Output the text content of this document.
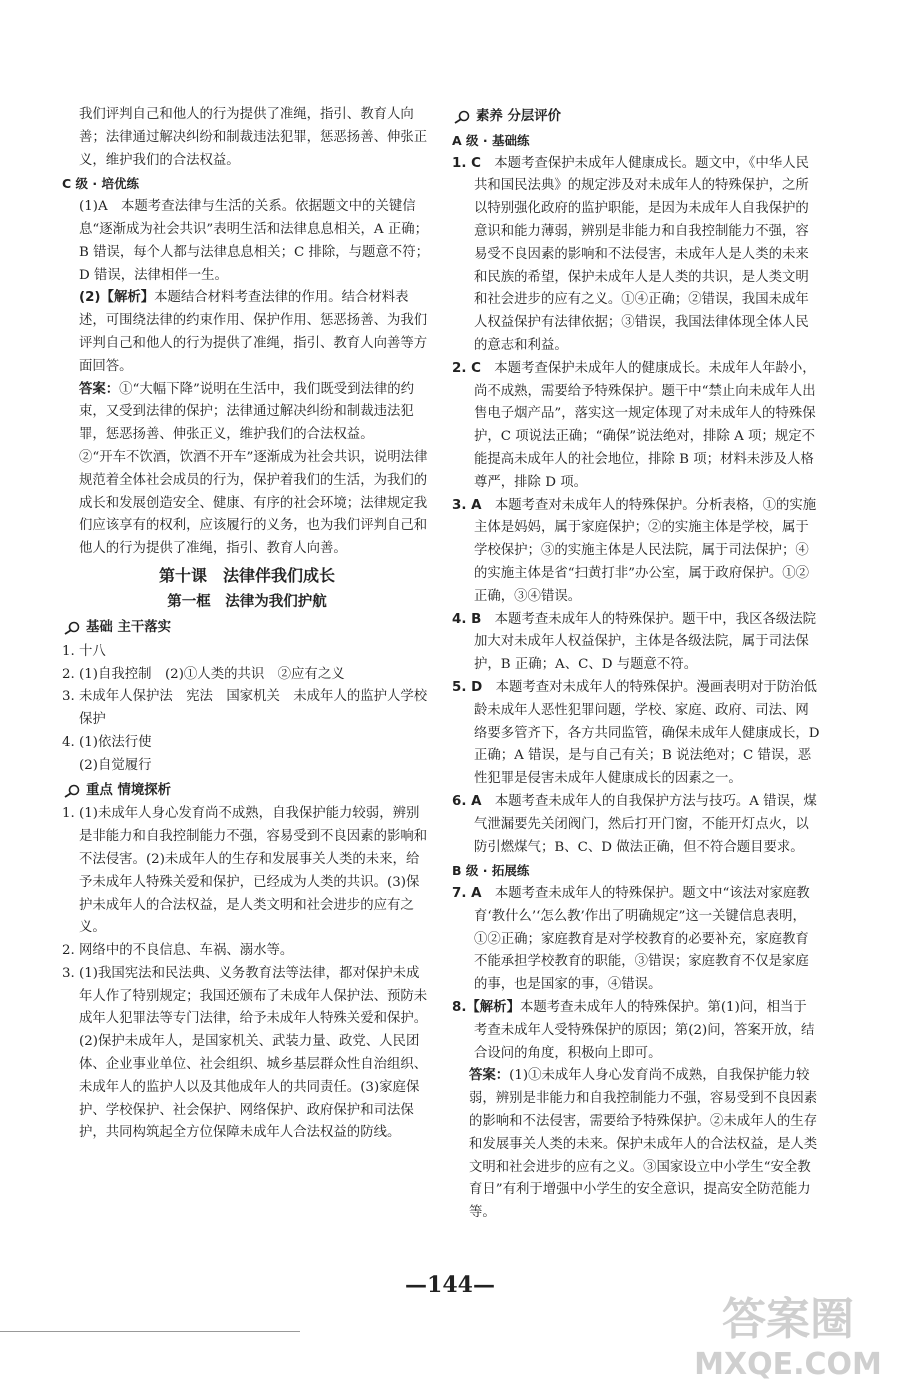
我们评判自己和他人的行为提供了准绳，指引、教育人向善；法律通过解决纠纷和制裁违法犯罪，惩恶扬善、伸张正义，维护我们的合法权益。

C 级 · 培优练

(1)A　本题考查法律与生活的关系。依据题文中的关键信息“逐渐成为社会共识”表明生活和法律息息相关，A 正确；B 错误，每个人都与法律息息相关；C 排除，与题意不符；D 错误，法律相伴一生。

(2)【解析】本题结合材料考查法律的作用。结合材料表述，可围绕法律的约束作用、保护作用、惩恶扬善、为我们评判自己和他人的行为提供了准绳，指引、教育人向善等方面回答。

答案：①“大幅下降”说明在生活中，我们既受到法律的约束，又受到法律的保护；法律通过解决纠纷和制裁违法犯罪，惩恶扬善、伸张正义，维护我们的合法权益。

②“开车不饮酒，饮酒不开车”逐渐成为社会共识，说明法律规范着全体社会成员的行为，保护着我们的生活，为我们的成长和发展创造安全、健康、有序的社会环境；法律规定我们应该享有的权利，应该履行的义务，也为我们评判自己和他人的行为提供了准绳，指引、教育人向善。

第十课　法律伴我们成长
第一框　法律为我们护航
基础 主干落实

1. 十八

2. (1)自我控制　(2)①人类的共识　②应有之义

3. 未成年人保护法　宪法　国家机关　未成年人的监护人学校保护

4. (1)依法行使

(2)自觉履行

重点 情境探析

1. (1)未成年人身心发育尚不成熟，自我保护能力较弱，辨别是非能力和自我控制能力不强，容易受到不良因素的影响和不法侵害。(2)未成年人的生存和发展事关人类的未来，给予未成年人特殊关爱和保护，已经成为人类的共识。(3)保护未成年人的合法权益，是人类文明和社会进步的应有之义。

2. 网络中的不良信息、车祸、溺水等。

3. (1)我国宪法和民法典、义务教育法等法律，都对保护未成年人作了特别规定；我国还颁布了未成年人保护法、预防未成年人犯罪法等专门法律，给予未成年人特殊关爱和保护。(2)保护未成年人，是国家机关、武装力量、政党、人民团体、企业事业单位、社会组织、城乡基层群众性自治组织、未成年人的监护人以及其他成年人的共同责任。(3)家庭保护、学校保护、社会保护、网络保护、政府保护和司法保护，共同构筑起全方位保障未成年人合法权益的防线。

素养 分层评价

A 级 · 基础练

1. C　 本题考查保护未成年人健康成长。题文中，《中华人民共和国民法典》的规定涉及对未成年人的特殊保护，之所以特别强化政府的监护职能，是因为未成年人自我保护的意识和能力薄弱，辨别是非能力和自我控制能力不强，容易受不良因素的影响和不法侵害，未成年人是人类的未来和民族的希望，保护未成年人是人类的共识，是人类文明和社会进步的应有之义。①④正确；②错误，我国未成年人权益保护有法律依据；③错误，我国法律体现全体人民的意志和利益。

2. C　 本题考查保护未成年人的健康成长。未成年人年龄小，尚不成熟，需要给予特殊保护。题干中“禁止向未成年人出售电子烟产品”，落实这一规定体现了对未成年人的特殊保护，C 项说法正确；“确保”说法绝对，排除 A 项；规定不能提高未成年人的社会地位，排除 B 项；材料未涉及人格尊严，排除 D 项。

3. A　 本题考查对未成年人的特殊保护。分析表格，①的实施主体是妈妈，属于家庭保护；②的实施主体是学校，属于学校保护；③的实施主体是人民法院，属于司法保护；④的实施主体是省“扫黄打非”办公室，属于政府保护。①②正确，③④错误。

4. B　 本题考查未成年人的特殊保护。题干中，我区各级法院加大对未成年人权益保护，主体是各级法院，属于司法保护，B 正确；A、C、D 与题意不符。

5. D　 本题考查对未成年人的特殊保护。漫画表明对于防治低龄未成年人恶性犯罪问题，学校、家庭、政府、司法、网络要多管齐下，各方共同监管，确保未成年人健康成长，D 正确；A 错误，是与自己有关；B 说法绝对；C 错误，恶性犯罪是侵害未成年人健康成长的因素之一。

6. A　 本题考查未成年人的自我保护方法与技巧。A 错误，煤气泄漏要先关闭阀门，然后打开门窗，不能开灯点火，以防引燃煤气；B、C、D 做法正确，但不符合题目要求。

B 级 · 拓展练

7. A　 本题考查未成年人的特殊保护。题文中“该法对家庭教育‘教什么’‘怎么教’作出了明确规定”这一关键信息表明，①②正确；家庭教育是对学校教育的必要补充，家庭教育不能承担学校教育的职能，③错误；家庭教育不仅是家庭的事，也是国家的事，④错误。

8.【解析】本题考查未成年人的特殊保护。第(1)问，相当于考查未成年人受特殊保护的原因；第(2)问，答案开放，结合设问的角度，积极向上即可。

答案：(1)①未成年人身心发育尚不成熟，自我保护能力较弱，辨别是非能力和自我控制能力不强，容易受到不良因素的影响和不法侵害，需要给予特殊保护。②未成年人的生存和发展事关人类的未来。保护未成年人的合法权益，是人类文明和社会进步的应有之义。③国家设立中小学生“安全教育日”有利于增强中小学生的安全意识，提高安全防范能力等。

—144—
答案圈
MXQE.COM
